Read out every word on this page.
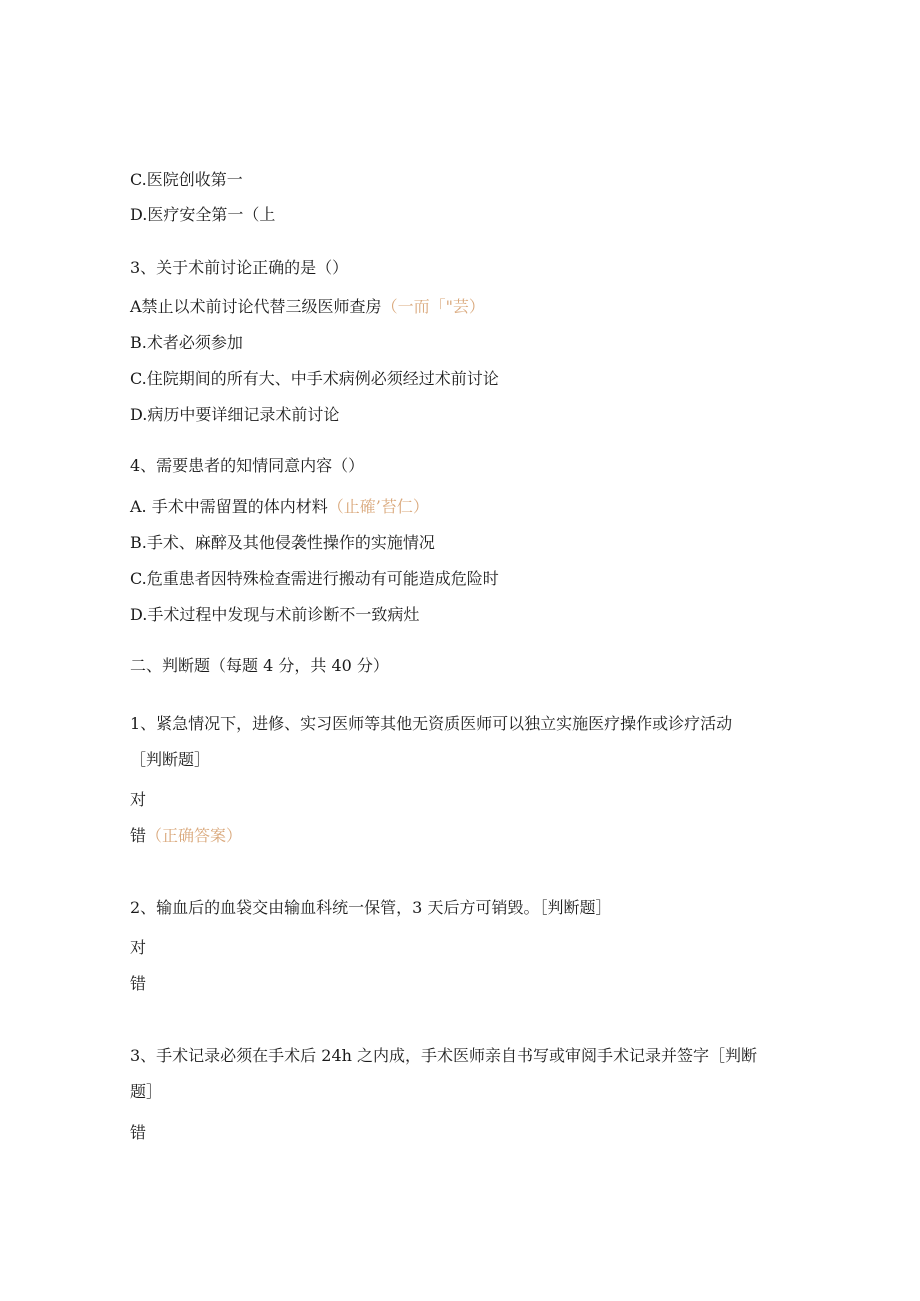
C.医院创收第一
D.医疗安全第一（上
3、关于术前讨论正确的是（）
A禁止以术前讨论代替三级医师查房（一而「"芸）
B.术者必须参加
C.住院期间的所有大、中手术病例必须经过术前讨论
D.病历中要详细记录术前讨论
4、需要患者的知情同意内容（）
A. 手术中需留置的体内材料（止確’苔仁）
B.手术、麻醉及其他侵袭性操作的实施情况
C.危重患者因特殊检查需进行搬动有可能造成危险时
D.手术过程中发现与术前诊断不一致病灶
二、判断题（每题 4 分，共 40 分）
1、紧急情况下，进修、实习医师等其他无资质医师可以独立实施医疗操作或诊疗活动
［判断题］
对
错（正确答案）
2、输血后的血袋交由输血科统一保管，3 天后方可销毁。［判断题］
对
错
3、手术记录必须在手术后 24h 之内成，手术医师亲自书写或审阅手术记录并签字［判断
题］
错
